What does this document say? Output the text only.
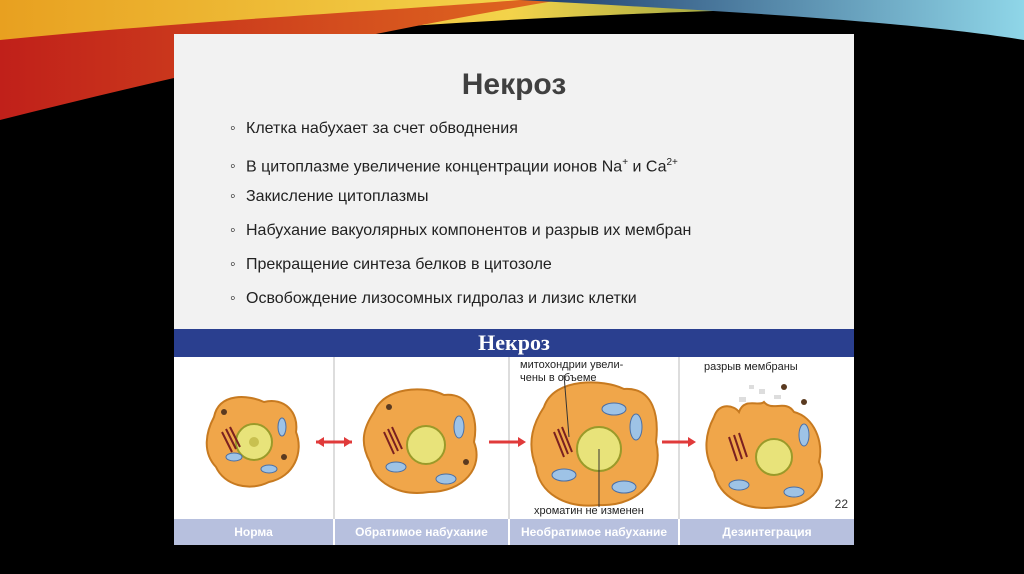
Некроз
◦ Клетка набухает за счет обводнения
◦ В цитоплазме увеличение концентрации ионов Na+ и $Са^{2+}$
◦ Закисление цитоплазмы
◦ Набухание вакуолярных компонентов и разрыв их мембран
◦ Прекращение синтеза белков в цитозоле
◦ Освобождение лизосомных гидролаз и лизис клетки
Некроз
митохондрии увели-
чены в объеме
разрыв мембраны
хроматин не изменен	22
Норма	Обратимое набухание	Необратимое набухание	Дезинтеграция
